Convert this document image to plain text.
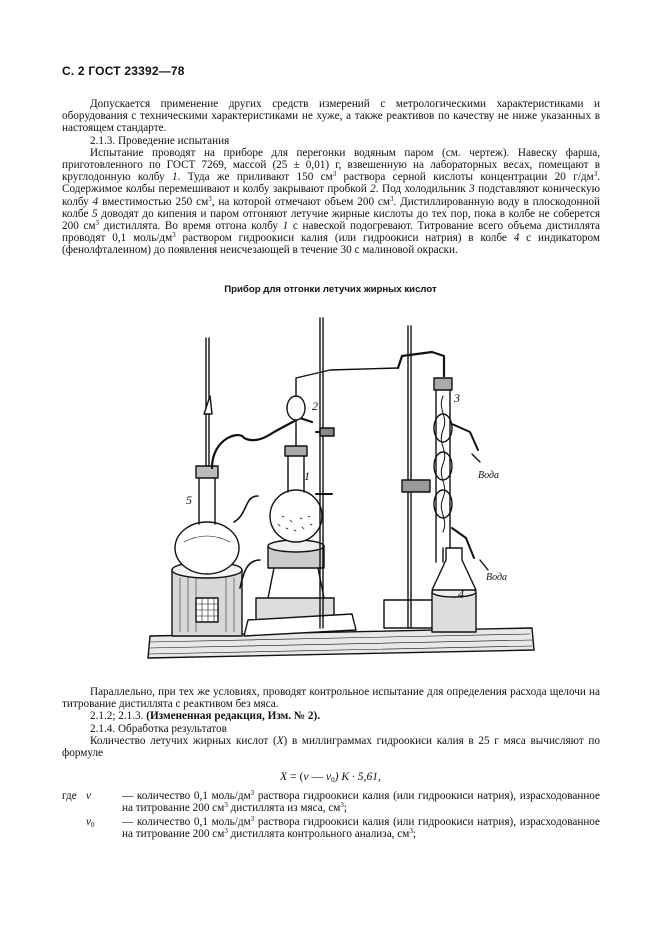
С. 2 ГОСТ 23392—78

Допускается применение других средств измерений с метрологическими характеристиками и оборудования с техническими характеристиками не хуже, а также реактивов по качеству не ниже указанных в настоящем стандарте.

2.1.3. Проведение испытания

Испытание проводят на приборе для перегонки водяным паром (см. чертеж). Навеску фарша, приготовленного по ГОСТ 7269, массой (25 ± 0,01) г, взвешенную на лабораторных весах, помещают в круглодонную колбу 1. Туда же приливают 150 $см^3$ раствора серной кислоты концентрации 20 $г/дм^3$. Содержимое колбы перемешивают и колбу закрывают пробкой 2. Под холодильник 3 подставляют коническую колбу 4 вместимостью 250 $см^3$, на которой отмечают объем 200 $см^3$. Дистиллированную воду в плоскодонной колбе 5 доводят до кипения и паром отгоняют летучие жирные кислоты до тех пор, пока в колбе не соберется 200 $см^3$ дистиллята. Во время отгона колбу 1 с навеской подогревают. Титрование всего объема дистиллята проводят 0,1 моль/$дм^3$ раствором гидроокиси калия (или гидроокиси натрия) в колбе 4 с индикатором (фенолфталеином) до появления неисчезающей в течение 30 с малиновой окраски.

Прибор для отгонки летучих жирных кислот
1
2
3
4
5
Вода
Вода

Параллельно, при тех же условиях, проводят контрольное испытание для определения расхода щелочи на титрование дистиллята с реактивом без мяса.

2.1.2; 2.1.3. (Измененная редакция, Изм. № 2).

2.1.4. Обработка результатов

Количество летучих жирных кислот (X) в миллиграммах гидроокиси калия в 25 г мяса вычисляют по формуле

X = (v — $v_0$) K · 5,61,
где v	— количество 0,1 моль/$дм^3$ раствора гидроокиси калия (или гидроокиси натрия), израсходованное на титрование 200 $см^3$ дистиллята из мяса, $см^3$;
$v_0$ — количество 0,1 моль/$дм^3$ раствора гидроокиси калия (или гидроокиси натрия), израсходованное на титрование 200 $см^3$ дистиллята контрольного анализа, $см^3$;
